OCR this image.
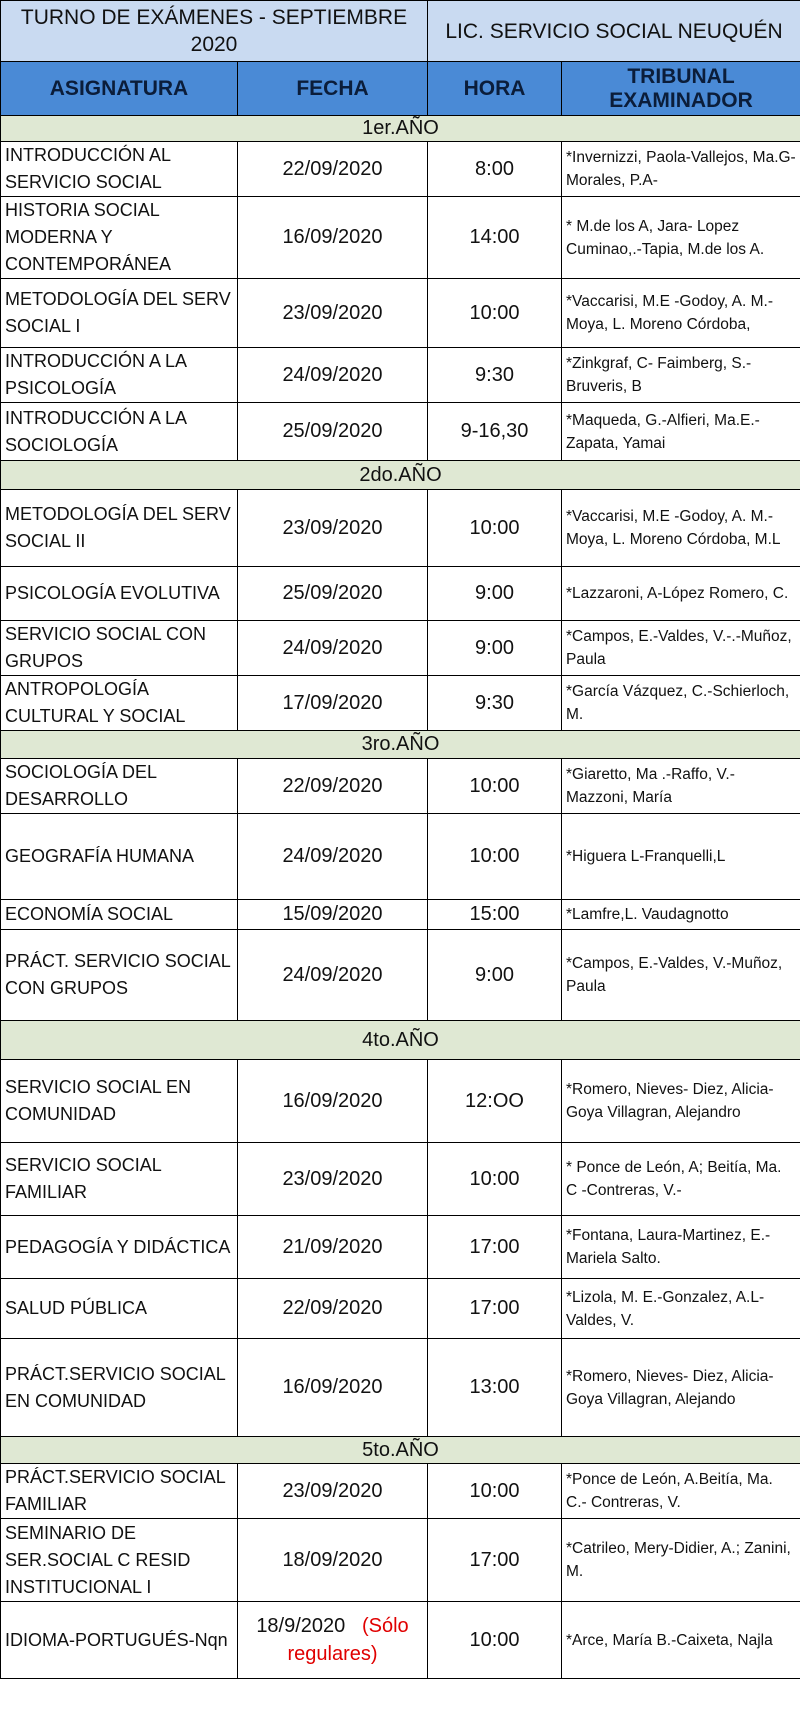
TURNO DE EXÁMENES - SEPTIEMBRE 2020		LIC. SERVICIO SOCIAL NEUQUÉN	
ASIGNATURA	FECHA	HORA	TRIBUNAL EXAMINADOR
1er.AÑO			
INTRODUCCIÓN AL SERVICIO SOCIAL	22/09/2020	8:00	*Invernizzi, Paola-Vallejos, Ma.G- Morales, P.A-
HISTORIA SOCIAL MODERNA Y CONTEMPORÁNEA	16/09/2020	14:00	* M.de los A, Jara- Lopez Cuminao,.-Tapia, M.de los A.
METODOLOGÍA DEL SERV SOCIAL I	23/09/2020	10:00	*Vaccarisi, M.E -Godoy, A. M.-Moya, L. Moreno Córdoba,
INTRODUCCIÓN A LA PSICOLOGÍA	24/09/2020	9:30	*Zinkgraf, C- Faimberg, S.-Bruveris, B
INTRODUCCIÓN A LA SOCIOLOGÍA	25/09/2020	9-16,30	*Maqueda, G.-Alfieri, Ma.E.-Zapata, Yamai
2do.AÑO			
METODOLOGÍA DEL SERV SOCIAL II	23/09/2020	10:00	*Vaccarisi, M.E -Godoy, A. M.-Moya, L. Moreno Córdoba, M.L
PSICOLOGÍA EVOLUTIVA	25/09/2020	9:00	*Lazzaroni, A-López Romero, C.
SERVICIO SOCIAL CON GRUPOS	24/09/2020	9:00	*Campos, E.-Valdes, V.-.-Muñoz, Paula
ANTROPOLOGÍA CULTURAL Y SOCIAL	17/09/2020	9:30	*García Vázquez, C.-Schierloch, M.
3ro.AÑO			
SOCIOLOGÍA DEL DESARROLLO	22/09/2020	10:00	*Giaretto, Ma .-Raffo, V.-Mazzoni, María
GEOGRAFÍA HUMANA	24/09/2020	10:00	*Higuera L-Franquelli,L
ECONOMÍA SOCIAL	15/09/2020	15:00	*Lamfre,L. Vaudagnotto
PRÁCT. SERVICIO SOCIAL CON GRUPOS	24/09/2020	9:00	*Campos, E.-Valdes, V.-Muñoz, Paula
4to.AÑO			
SERVICIO SOCIAL EN COMUNIDAD	16/09/2020	12:OO	*Romero, Nieves- Diez, Alicia-Goya Villagran, Alejandro
SERVICIO SOCIAL FAMILIAR	23/09/2020	10:00	* Ponce de León, A; Beitía, Ma. C -Contreras, V.-
PEDAGOGÍA Y DIDÁCTICA	21/09/2020	17:00	*Fontana, Laura-Martinez, E.-Mariela Salto.
SALUD PÚBLICA	22/09/2020	17:00	*Lizola, M. E.-Gonzalez, A.L-Valdes, V.
PRÁCT.SERVICIO SOCIAL EN COMUNIDAD	16/09/2020	13:00	*Romero, Nieves- Diez, Alicia-Goya Villagran, Alejando
5to.AÑO			
PRÁCT.SERVICIO SOCIAL FAMILIAR	23/09/2020	10:00	*Ponce de León, A.Beitía, Ma. C.- Contreras, V.
SEMINARIO DE SER.SOCIAL C RESID INSTITUCIONAL I	18/09/2020	17:00	*Catrileo, Mery-Didier, A.; Zanini, M.
IDIOMA-PORTUGUÉS-Nqn	18/9/2020 (Sólo regulares)	10:00	*Arce, María B.-Caixeta, Najla
